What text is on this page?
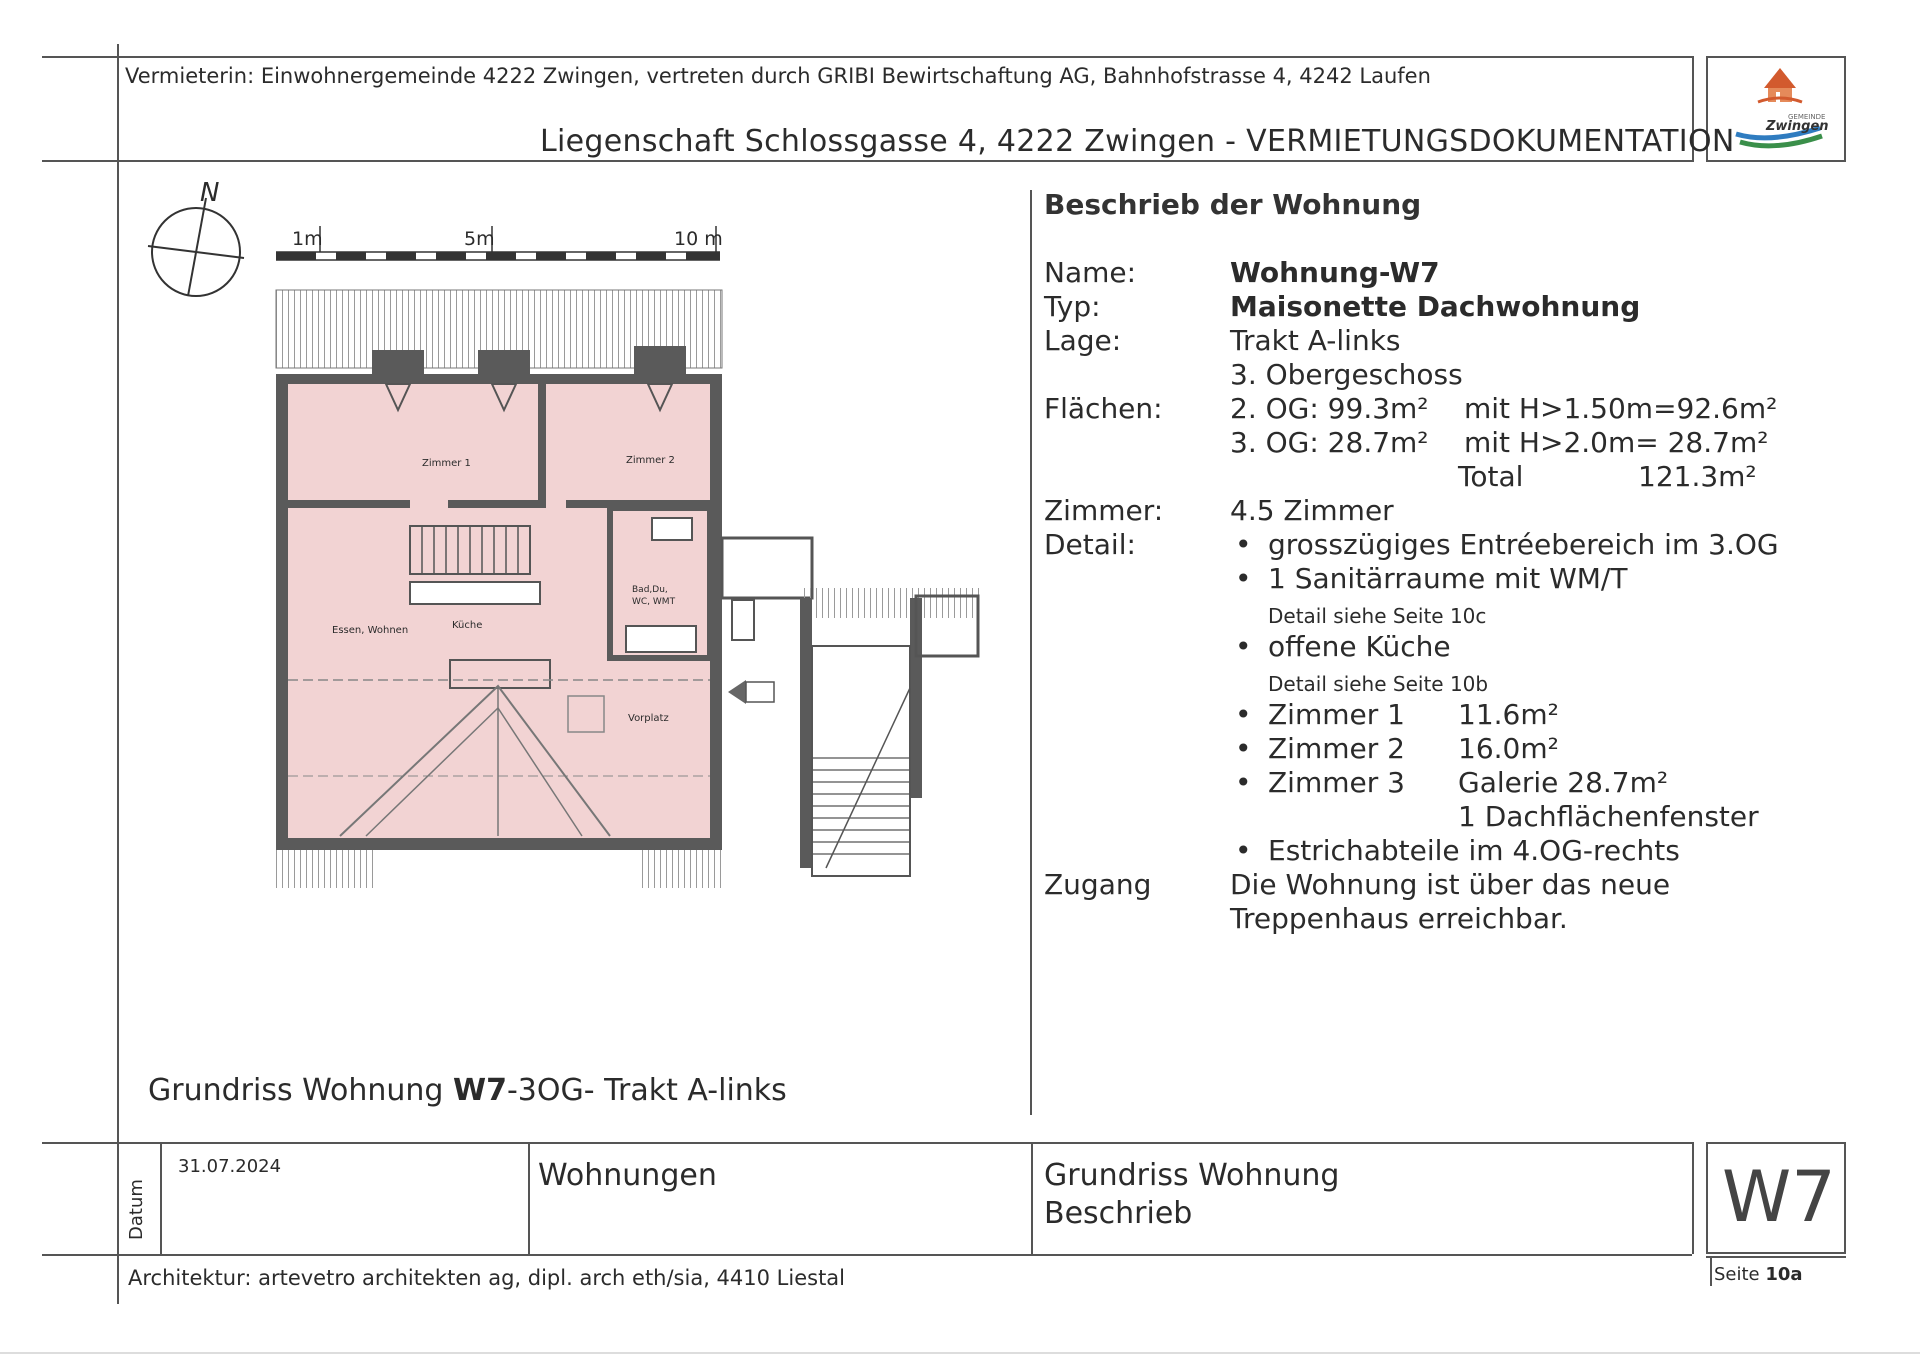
Vermieterin: Einwohnergemeinde 4222 Zwingen, vertreten durch GRIBI Bewirtschaftung AG, Bahnhofstrasse 4, 4242 Laufen
Liegenschaft Schlossgasse 4, 4222 Zwingen - VERMIETUNGSDOKUMENTATION
GEMEINDE
Zwingen
N
1m	5m	10 m
Zimmer 1	Zimmer 2
Essen, Wohnen	Küche
Bad,Du, WC, WMT
Vorplatz
Grundriss Wohnung W7-3OG- Trakt A-links
Beschrieb der Wohnung
Name:	Wohnung-W7
Typ:	Maisonette Dachwohnung
Lage:	Trakt A-links
3. Obergeschoss
Flächen: 2. OG: 99.3m² mit H>1.50m=92.6m²
3. OG: 28.7m² mit H>2.0m= 28.7m²
Total	121.3m²
Zimmer: 4.5 Zimmer
Detail:	• grosszügiges Entréebereich im 3.OG
• 1 Sanitärraume mit WM/T
Detail siehe Seite 10c
• offene Küche
Detail siehe Seite 10b
• Zimmer 1 11.6m²
• Zimmer 2 16.0m²
• Zimmer 3 Galerie 28.7m²
1 Dachflächenfenster
• Estrichabteile im 4.OG-rechts
Zugang	Die Wohnung ist über das neue
Treppenhaus erreichbar.
Datum
31.07.2024	Wohnungen	Grundriss Wohnung
Beschrieb	W7
Architektur: artevetro architekten ag, dipl. arch eth/sia, 4410 Liestal	Seite 10a
